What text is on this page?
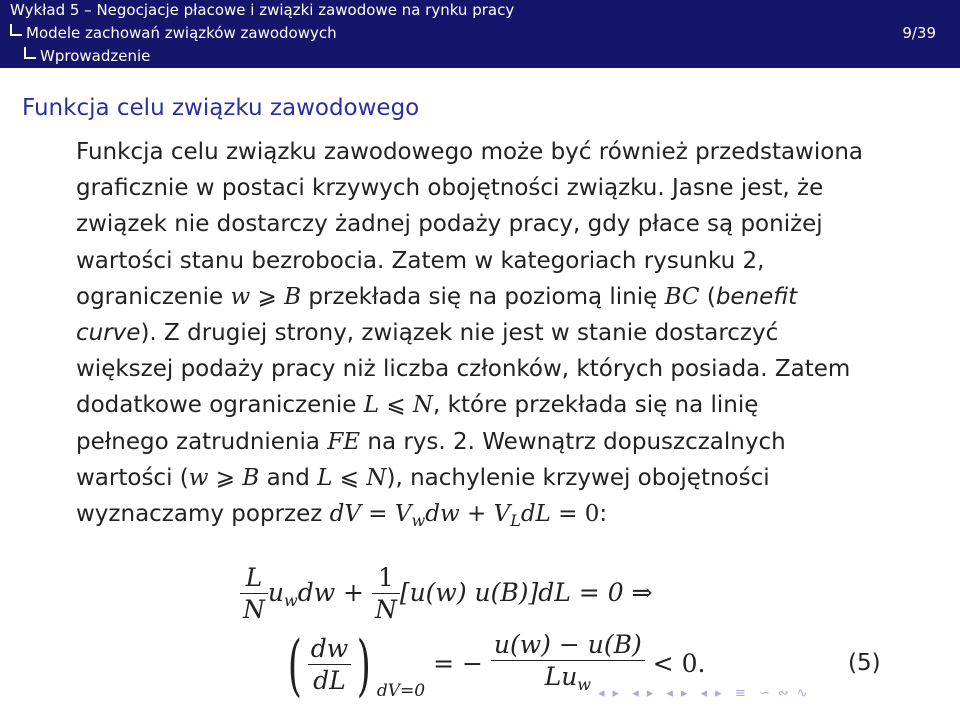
Wykład 5 – Negocjacje płacowe i związki zawodowe na rynku pracy
Modele zachowań związków zawodowych
Wprowadzenie
9/39
Funkcja celu związku zawodowego
Funkcja celu związku zawodowego może być również przedstawiona
graficznie w postaci krzywych obojętności związku. Jasne jest, że
związek nie dostarczy żadnej podaży pracy, gdy płace są poniżej
wartości stanu bezrobocia. Zatem w kategoriach rysunku 2,
ograniczenie w ⩾ B przekłada się na poziomą linię BC (benefit
curve). Z drugiej strony, związek nie jest w stanie dostarczyć
większej podaży pracy niż liczba członków, których posiada. Zatem
dodatkowe ograniczenie L ⩽ N, które przekłada się na linię
pełnego zatrudnienia FE na rys. 2. Wewnątrz dopuszczalnych
wartości (w ⩾ B and L ⩽ N), nachylenie krzywej obojętności
wyznaczamy poprzez dV = $V_wdw + V_LdL = 0$:
$\frac{L}{N} u_wdw + \frac{1}{N} [u(w) u(B)]dL = 0$ ⇒
( $\frac{dw}{dL}$ ) $_{dV=0}$ = − $\frac{u(w) - u(B)}{Lu_w} < 0$.	(5)
◂ ▸ ◂ ▸ ◂ ▸ ◂ ▸ ≡ ∽ ∾ ∿
